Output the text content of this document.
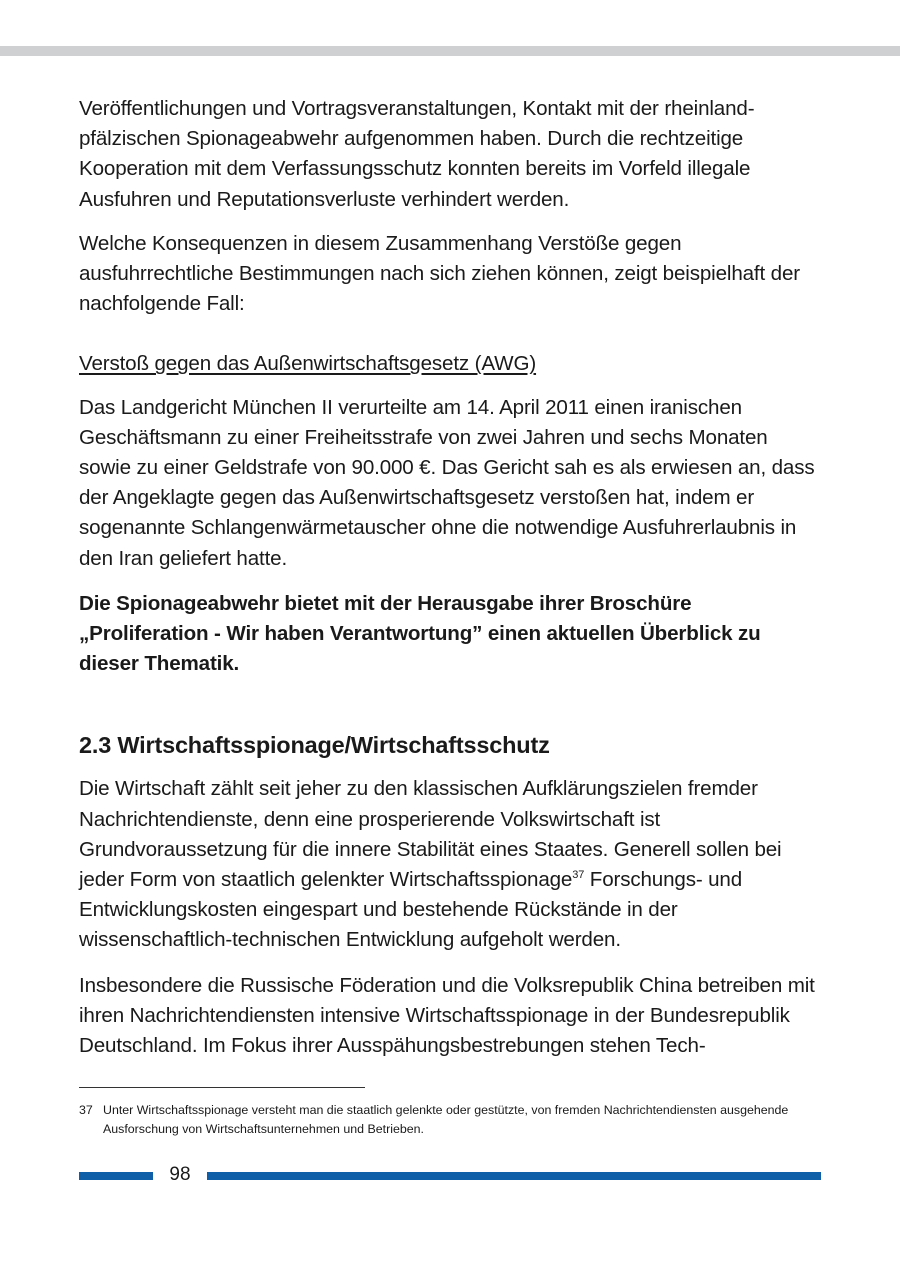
Veröffentlichungen und Vortragsveranstaltungen, Kontakt mit der rheinland-pfälzischen Spionageabwehr aufgenommen haben. Durch die rechtzeitige Kooperation mit dem Verfassungsschutz konnten bereits im Vorfeld illegale Ausfuhren und Reputationsverluste verhindert werden.

Welche Konsequenzen in diesem Zusammenhang Verstöße gegen ausfuhrrechtliche Bestimmungen nach sich ziehen können, zeigt beispielhaft der nachfolgende Fall:

Verstoß gegen das Außenwirtschaftsgesetz (AWG)

Das Landgericht München II verurteilte am 14. April 2011 einen iranischen Geschäftsmann zu einer Freiheitsstrafe von zwei Jahren und sechs Monaten sowie zu einer Geldstrafe von 90.000 €. Das Gericht sah es als erwiesen an, dass der Angeklagte gegen das Außenwirtschaftsgesetz verstoßen hat, indem er sogenannte Schlangenwärmetauscher ohne die notwendige Ausfuhrerlaubnis in den Iran geliefert hatte.

Die Spionageabwehr bietet mit der Herausgabe ihrer Broschüre „Proliferation - Wir haben Verantwortung” einen aktuellen Überblick zu dieser Thematik.

2.3 Wirtschaftsspionage/Wirtschaftsschutz

Die Wirtschaft zählt seit jeher zu den klassischen Aufklärungszielen fremder Nachrichtendienste, denn eine prosperierende Volkswirtschaft ist Grundvoraussetzung für die innere Stabilität eines Staates. Generell sollen bei jeder Form von staatlich gelenkter Wirtschaftsspionage$^{37}$ Forschungs- und Entwicklungskosten eingespart und bestehende Rückstände in der wissenschaftlich-technischen Entwicklung aufgeholt werden.

Insbesondere die Russische Föderation und die Volksrepublik China betreiben mit ihren Nachrichtendiensten intensive Wirtschaftsspionage in der Bundesrepublik Deutschland. Im Fokus ihrer Ausspähungsbestrebungen stehen Tech-

37 Unter Wirtschaftsspionage versteht man die staatlich gelenkte oder gestützte, von fremden Nachrichtendiensten ausgehende Ausforschung von Wirtschaftsunternehmen und Betrieben.
98
